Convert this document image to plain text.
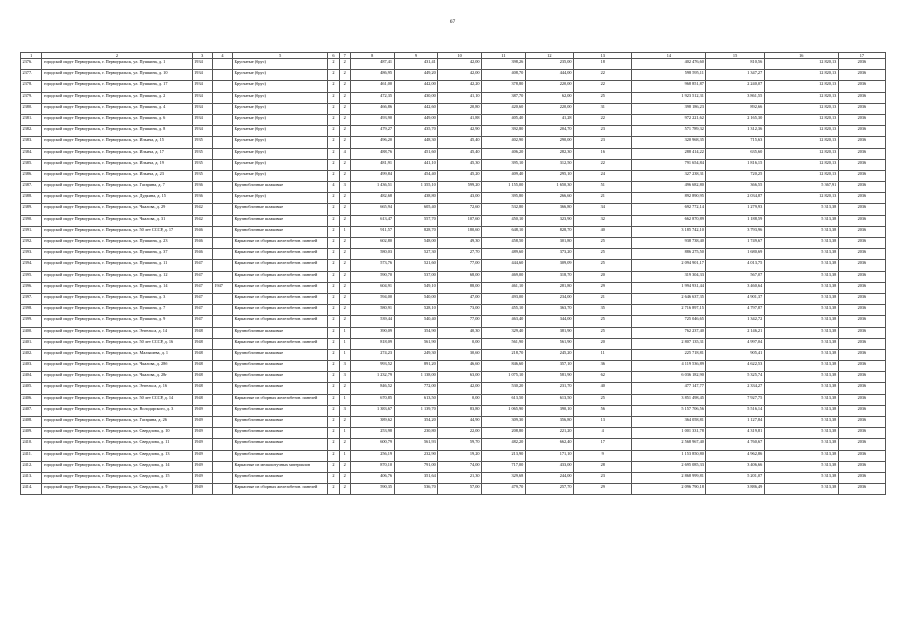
67
1	2	3	4	5	6	7	8	9	10	11	12	13	14	15	16	17
2376.	городской округ Первоуральск, г. Первоуральск, ул. Пушкина, д. 1	1934		Брусчатые (брус)	2	2	487,41	431,41	42,00	398,26	235,00	18	402 476,60	810,56	12 820,13	2036
2377.	городской округ Первоуральск, г. Первоуральск, ул. Пушкина, д. 10	1934		Брусчатые (брус)	2	2	486,95	449,20	42,00	408,70	444,00	22	598 595,11	1 347,27	12 820,13	2036
2378.	городской округ Первоуральск, г. Первоуральск, ул. Пушкина, д. 17	1934		Брусчатые (брус)	2	2	461,00	442,00	42,20	378,80	220,00	22	968 851,87	2 240,07	12 820,13	2036
2379.	городской округ Первоуральск, г. Первоуральск, ул. Пушкина, д. 2	1934		Брусчатые (брус)	2	2	472,35	430,00	41,10	387,70	62,00	25	1 923 512,31	3 861,55	12 820,13	2036
2380.	городской округ Первоуральск, г. Первоуральск, ул. Пушкина, д. 4	1934		Брусчатые (брус)	2	2	466,86	442,60	20,80	420,60	220,00	31	398 186,23	892,66	12 820,13	2036
2381.	городской округ Первоуральск, г. Первоуральск, ул. Пушкина, д. 6	1934		Брусчатые (брус)	2	2	493,90	449,00	41,88	405,40	41,28	22	972 221,62	2 165,30	12 820,13	2036
2382.	городской округ Первоуральск, г. Первоуральск, ул. Пушкина, д. 8	1934		Брусчатые (брус)	2	2	479,27	435,70	42,90	392,80	204,70	23	571 789,32	1 312,36	12 820,13	2036
2383.	городской округ Первоуральск, г. Первоуральск, ул. Ильича, д. 15	1935		Брусчатые (брус)	2	2	496,20	448,30	45,40	402,90	290,00	23	320 968,35	715,63	12 820,13	2036
2384.	городской округ Первоуральск, г. Первоуральск, ул. Ильича, д. 17	1935		Брусчатые (брус)	2	4	488,76	451,60	45,40	406,20	282,30	16	288 414,22	635,60	12 820,13	2036
2385.	городской округ Первоуральск, г. Первоуральск, ул. Ильича, д. 19	1935		Брусчатые (брус)	2	2	481,91	441,10	45,30	395,10	312,50	22	791 654,84	1 816,15	12 820,13	2036
2386.	городской округ Первоуральск, г. Первоуральск, ул. Ильича, д. 23	1935		Брусчатые (брус)	2	2	499,84	454,40	45,20	409,40	295,10	24	327 238,31	720,25	12 820,13	2036
2387.	городской округ Первоуральск, г. Первоуральск, ул. Гагарина, д. 7	1936		Крупноблочные шлаковые	4	3	1 436,51	1 355,10	599,20	1 155,00	1 650,30	51	496 682,80	366,55	5 367,91	2036
2388.	городской округ Первоуральск, г. Первоуральск, ул. Дудкина, д. 15	1936		Брусчатые (брус)	2	2	482,68	438,80	43,00	395,80	266,60	21	892 890,95	2 034,87	12 820,13	2036
2389.	городской округ Первоуральск, г. Первоуральск, ул. Чкалова, д. 29	1942		Крупноблочные шлаковые	2	2	665,94	605,40	72,60	532,80	366,80	34	692 772,14	1 279,93	5 313,38	2036
2390.	городской округ Первоуральск, г. Первоуральск, ул. Чкалова, д. 31	1942		Крупноблочные шлаковые	2	2	613,47	557,70	107,60	450,10	323,90	32	662 870,89	1 188,59	5 313,38	2036
2391.	городской округ Первоуральск, г. Первоуральск, ул. 50 лет СССР, д. 17	1946		Крупноблочные шлаковые	2	1	911,57	828,70	180,60	648,10	828,70	40	3 185 742,10	3 793,96	5 313,38	2036
2392.	городской округ Первоуральск, г. Первоуральск, ул. Пушкина, д. 23	1946		Каркасные из сборных железобетон. панелей	2	2	602,80	548,00	49,30	458,50	301,80	25	938 738,40	1 749,67	5 313,38	2036
2393.	городской округ Первоуральск, г. Первоуральск, ул. Пушкина, д. 37	1946		Каркасные из сборных железобетон. панелей	2	2	580,03	527,30	27,70	489,60	373,20	25	886 275,50	1 680,69	5 313,38	2036
2394.	городской округ Первоуральск, г. Первоуральск, ул. Пушкина, д. 11	1947		Каркасные из сборных железобетон. панелей	2	2	573,76	521,60	77,00	444,60	309,09	25	2 094 901,17	4 013,75	5 313,38	2036
2395.	городской округ Первоуральск, г. Первоуральск, ул. Пушкина, д. 12	1947		Каркасные из сборных железобетон. панелей	2	2	590,70	537,00	68,00	469,00	318,70	20	319 304,33	567,07	5 313,38	2036
2396.	городской округ Первоуральск, г. Первоуральск, ул. Пушкина, д. 14	1947	1947	Каркасные из сборных железобетон. панелей	2	2	604,91	549,10	88,00	461,10	281,80	29	1 994 931,44	3 460,64	5 313,38	2036
2397.	городской округ Первоуральск, г. Первоуральск, ул. Пушкина, д. 3	1947		Каркасные из сборных железобетон. панелей	2	2	594,00	540,00	47,00	493,00	234,00	21	2 646 637,35	4 901,37	5 313,38	2036
2398.	городской округ Первоуральск, г. Первоуральск, ул. Пушкина, д. 7	1947		Каркасные из сборных железобетон. панелей	2	2	580,91	528,10	73,00	455,10	363,70	35	2 716 897,15	4 797,87	5 313,38	2036
2399.	городской округ Первоуральск, г. Первоуральск, ул. Пушкина, д. 9	1947		Каркасные из сборных железобетон. панелей	2	2	539,44	540,40	77,00	463,40	344,00	25	725 046,65	1 342,72	5 313,38	2036
2400.	городской округ Первоуральск, г. Первоуральск, ул. Энгельса, д. 14	1948		Крупноблочные шлаковые	2	1	390,09	354,90	40,30	329,40	381,90	25	762 237,40	2 146,21	5 313,38	2036
2401.	городской округ Первоуральск, г. Первоуральск, ул. 50 лет СССР, д. 16	1948		Каркасные из сборных железобетон. панелей	2	1	818,09	561,90	0,00	561,90	561,90	20	2 807 135,31	4 997,04	5 313,38	2036
2402.	городской округ Первоуральск, г. Первоуральск, ул. Малышева, д. 1	1948		Крупноблочные шлаковые	2	1	274,23	249,30	30,60	218,70	245,20	11	225 718,81	905,41	5 313,38	2036
2403.	городской округ Первоуральск, г. Первоуральск, ул. Чкалова, д. 28б	1948		Крупноблочные шлаковые	2	3	993,52	891,20	46,60	846,60	357,10	36	4 119 536,89	4 622,53	5 313,38	2036
2404.	городской округ Первоуральск, г. Первоуральск, ул. Чкалова, д. 28г	1948		Крупноблочные шлаковые	2	3	1 232,79	1 138,00	63,00	1 075,10	581,90	62	6 036 182,90	5 325,74	5 313,38	2036
2405.	городской округ Первоуральск, г. Первоуральск, ул. Энгельса, д. 16	1948		Крупноблочные шлаковые	2	2	846,52	772,00	42,00	530,20	231,70	40	477 147,77	2 334,27	5 313,38	2036
2406.	городской округ Первоуральск, г. Первоуральск, ул. 50 лет СССР, д. 14	1948		Каркасные из сборных железобетон. панелей	2	1	670,85	613,50	0,00	613,50	613,50	25	3 851 498,45	7 927,75	5 313,38	2036
2407.	городской округ Первоуральск, г. Первоуральск, ул. Володарского, д. 3	1949		Крупноблочные шлаковые	2	3	1 383,67	1 139,70	83,80	1 065,90	390,10	56	5 157 706,56	5 516,14	5 313,38	2036
2408.	городской округ Первоуральск, г. Первоуральск, ул. Гагарина, д. 26	1949		Крупноблочные шлаковые	2	2	389,62	354,20	44,90	309,30	356,80	13	364 058,81	1 127,84	5 313,38	2036
2409.	городской округ Первоуральск, г. Первоуральск, ул. Свердлова, д. 10	1949		Крупноблочные шлаковые	2	1	253,98	230,80	22,00	208,80	221,20	4	1 001 331,78	4 319,81	5 313,38	2036
2410.	городской округ Первоуральск, г. Первоуральск, ул. Свердлова, д. 11	1949		Крупноблочные шлаковые	2	2	600,79	561,93	59,70	482,20	662,40	17	2 568 967,40	4 760,67	5 313,38	2036
2411.	городской округ Первоуральск, г. Первоуральск, ул. Свердлова, д. 13	1949		Крупноблочные шлаковые	2	1	256,19	232,90	19,20	213,90	171,10	9	1 153 850,80	4 962,86	5 313,38	2036
2412.	городской округ Первоуральск, г. Первоуральск, ул. Свердлова, д. 14	1949		Каркасные из мелкоштучных материалов	2	2	870,10	791,00	74,00	717,00	433,00	28	2 695 085,33	3 406,66	5 313,38	2036
2413.	городской округ Первоуральск, г. Первоуральск, ул. Свердлова, д. 15	1949		Крупноблочные шлаковые	2	2	406,76	351,64	21,30	329,68	244,00	23	2 868 999,81	5 201,07	5 313,38	2036
2414.	городской округ Первоуральск, г. Первоуральск, ул. Свердлова, д. 9	1949		Каркасные из сборных железобетон. панелей	2	2	590,35	536,70	57,00	479,70	257,70	29	2 096 790,18	3 886,49	5 313,38	2036
